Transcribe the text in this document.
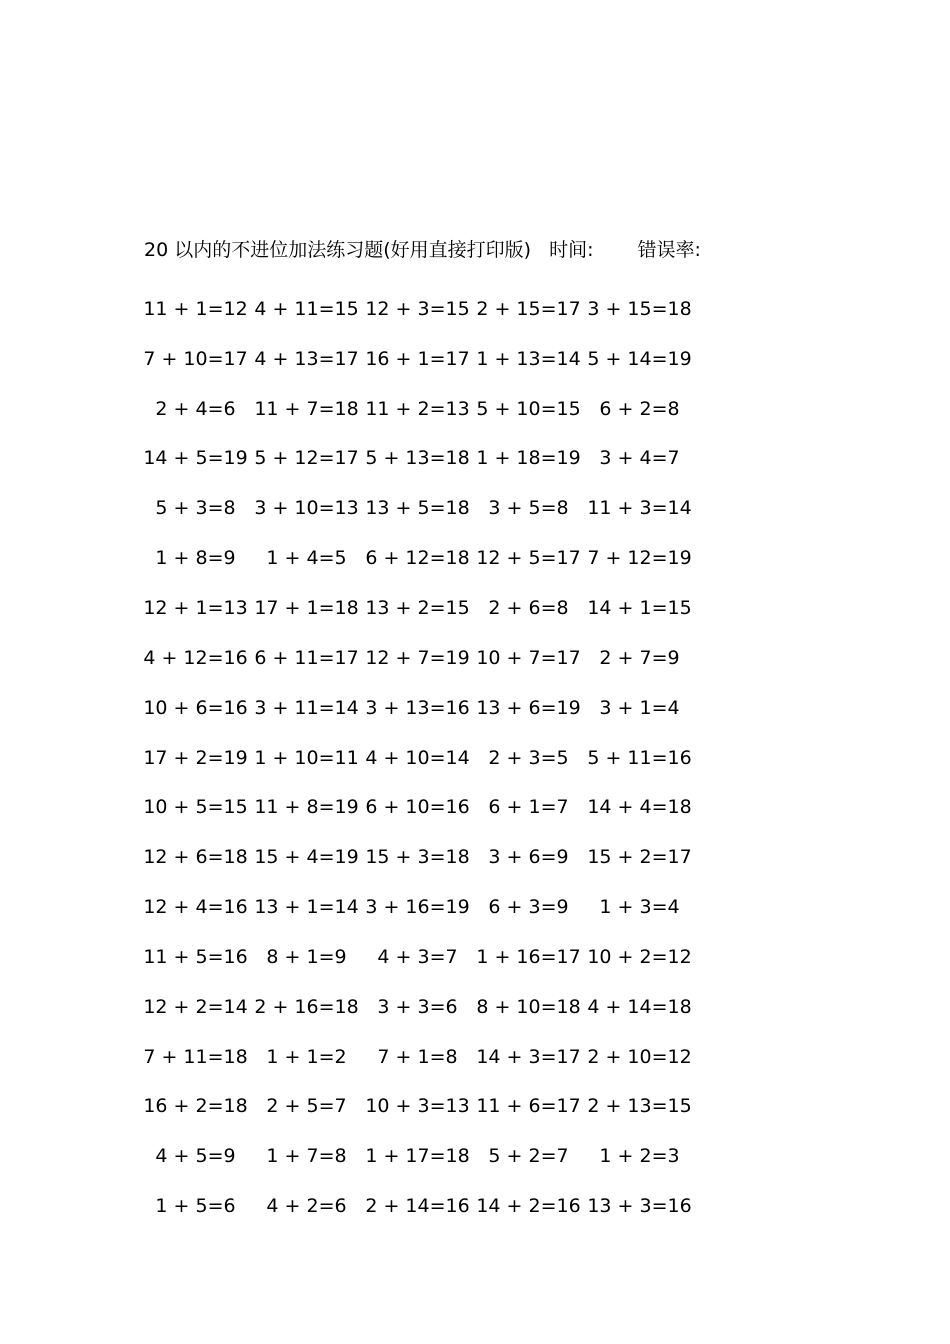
20 以内的不进位加法练习题(好用直接打印版) 时间: 错误率:
11 + 1=12 4 + 11=15 12 + 3=15 2 + 15=17 3 + 15=18
7 + 10=17 4 + 13=17 16 + 1=17 1 + 13=14 5 + 14=19
2 + 4=6 11 + 7=18 11 + 2=13 5 + 10=15 6 + 2=8
14 + 5=19 5 + 12=17 5 + 13=18 1 + 18=19 3 + 4=7
5 + 3=8 3 + 10=13 13 + 5=18 3 + 5=8 11 + 3=14
1 + 8=9	1 + 4=5 6 + 12=18 12 + 5=17 7 + 12=19
12 + 1=13 17 + 1=18 13 + 2=15 2 + 6=8 14 + 1=15
4 + 12=16 6 + 11=17 12 + 7=19 10 + 7=17 2 + 7=9
10 + 6=16 3 + 11=14 3 + 13=16 13 + 6=19 3 + 1=4
17 + 2=19 1 + 10=11 4 + 10=14 2 + 3=5 5 + 11=16
10 + 5=15 11 + 8=19 6 + 10=16 6 + 1=7 14 + 4=18
12 + 6=18 15 + 4=19 15 + 3=18 3 + 6=9 15 + 2=17
12 + 4=16 13 + 1=14 3 + 16=19 6 + 3=9	1 + 3=4
11 + 5=16 8 + 1=9	4 + 3=7 1 + 16=17 10 + 2=12
12 + 2=14 2 + 16=18 3 + 3=6 8 + 10=18 4 + 14=18
7 + 11=18 1 + 1=2	7 + 1=8 14 + 3=17 2 + 10=12
16 + 2=18 2 + 5=7 10 + 3=13 11 + 6=17 2 + 13=15
4 + 5=9	1 + 7=8 1 + 17=18 5 + 2=7	1 + 2=3
1 + 5=6	4 + 2=6 2 + 14=16 14 + 2=16 13 + 3=16
